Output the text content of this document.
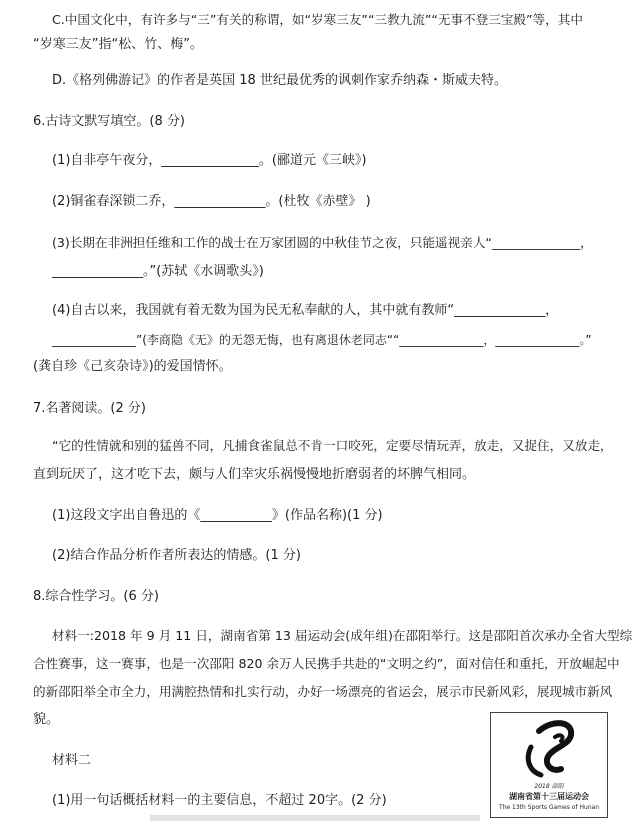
C.中国文化中，有许多与“三”有关的称谓，如“岁寒三友”“三教九流”“无事不登三宝殿”等，其中
“岁寒三友”指“松、竹、梅”。
D.《格列佛游记》的作者是英国 18 世纪最优秀的讽刺作家乔纳森・斯威夫特。
6.古诗文默写填空。(8 分)
(1)自非亭午夜分，_______________。(郦道元《三峡》)
(2)铜雀春深锁二乔，______________。(杜牧《赤壁》 )
(3)长期在非洲担任维和工作的战士在万家团圆的中秋佳节之夜，只能遥视亲人“______________，
______________。”(苏轼《水调歌头》)
(4)自古以来，我国就有着无数为国为民无私奉献的人，其中就有教师“______________，
______________”(李商隐《无》的无怨无悔，也有离退休老同志““______________，______________。”
(龚自珍《己亥杂诗》)的爱国情怀。
7.名著阅读。(2 分)
“它的性情就和别的猛兽不同，凡捕食雀鼠总不肯一口咬死，定要尽情玩弄，放走，又捉住，又放走，
直到玩厌了，这才吃下去，颇与人们幸灾乐祸慢慢地折磨弱者的坏脾气相同。
(1)这段文字出自鲁迅的《___________》(作品名称)(1 分)
(2)结合作品分析作者所表达的情感。(1 分)
8.综合性学习。(6 分)
材料一:2018 年 9 月 11 日，湖南省第 13 届运动会(成年组)在邵阳举行。这是邵阳首次承办全省大型综
合性赛事，这一赛事，也是一次邵阳 820 余万人民携手共赴的“文明之约”，面对信任和重托，开放崛起中
的新邵阳举全市全力，用满腔热情和扎实行动，办好一场漂亮的省运会，展示市民新风彩，展现城市新风
貌。
材料二
(1)用一句话概括材料一的主要信息，不超过 20字。(2 分)
2018 邵阳
湖南省第十三届运动会
The 13th Sports Games of Hunan
